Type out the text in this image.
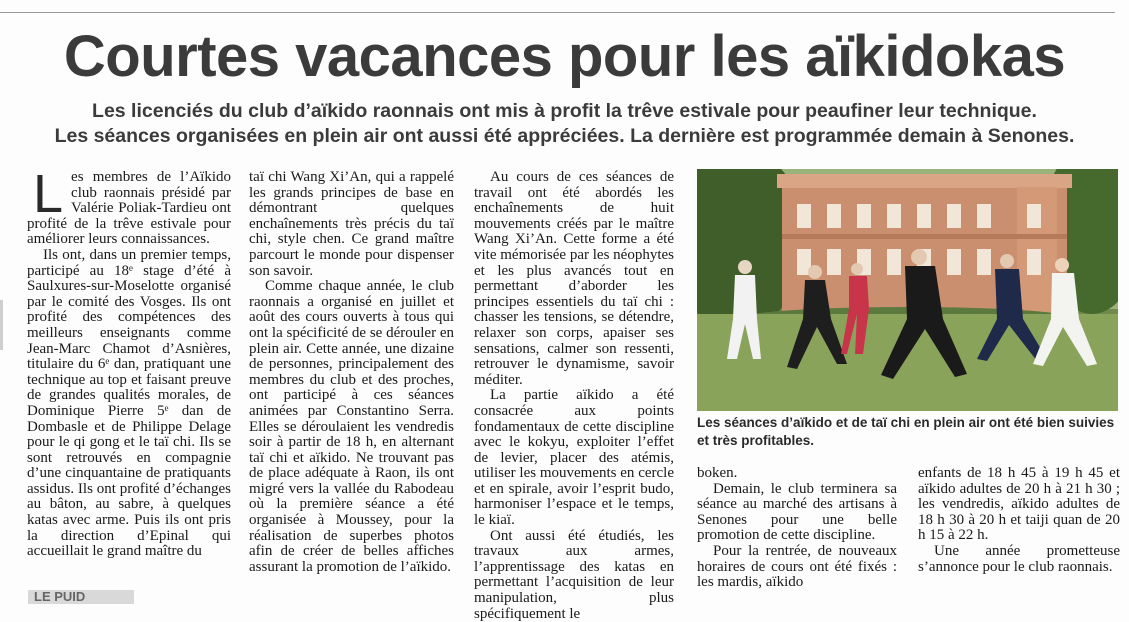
Courtes vacances pour les aïkidokas
Les licenciés du club d’aïkido raonnais ont mis à profit la trêve estivale pour peaufiner leur technique.
Les séances organisées en plein air ont aussi été appréciées. La dernière est programmée demain à Senones.

Les membres de l’Aïkido club raonnais présidé par Valérie Poliak-Tardieu ont profité de la trêve estivale pour améliorer leurs connaissances.

Ils ont, dans un premier temps, participé au 18ᵉ stage d’été à Saulxures-sur-Moselotte organisé par le comité des Vosges. Ils ont profité des compétences des meilleurs enseignants comme Jean-Marc Chamot d’Asnières, titulaire du 6ᵉ dan, pratiquant une technique au top et faisant preuve de grandes qualités morales, de Dominique Pierre 5ᵉ dan de Dombasle et de Philippe Delage pour le qi gong et le taï chi. Ils se sont retrouvés en compagnie d’une cinquantaine de pratiquants assidus. Ils ont profité d’échanges au bâton, au sabre, à quelques katas avec arme. Puis ils ont pris la direction d’Epinal qui accueillait le grand maître du

taï chi Wang Xi’An, qui a rappelé les grands principes de base en démontrant quelques enchaînements très précis du taï chi, style chen. Ce grand maître parcourt le monde pour dispenser son savoir.

Comme chaque année, le club raonnais a organisé en juillet et août des cours ouverts à tous qui ont la spécificité de se dérouler en plein air. Cette année, une dizaine de personnes, principalement des membres du club et des proches, ont participé à ces séances animées par Constantino Serra. Elles se déroulaient les vendredis soir à partir de 18 h, en alternant taï chi et aïkido. Ne trouvant pas de place adéquate à Raon, ils ont migré vers la vallée du Rabodeau où la première séance a été organisée à Moussey, pour la réalisation de superbes photos afin de créer de belles affiches assurant la promotion de l’aïkido.

Au cours de ces séances de travail ont été abordés les enchaînements de huit mouvements créés par le maître Wang Xi’An. Cette forme a été vite mémorisée par les néophytes et les plus avancés tout en permettant d’aborder les principes essentiels du taï chi : chasser les tensions, se détendre, relaxer son corps, apaiser ses sensations, calmer son ressenti, retrouver le dynamisme, savoir méditer.

La partie aïkido a été consacrée aux points fondamentaux de cette discipline avec le kokyu, exploiter l’effet de levier, placer des atémis, utiliser les mouvements en cercle et en spirale, avoir l’esprit budo, harmoniser l’espace et le temps, le kiaï.

Ont aussi été étudiés, les travaux aux armes, l’apprentissage des katas en permettant l’acquisition de leur manipulation, plus spécifiquement le

Les séances d’aïkido et de taï chi en plein air ont été bien suivies et très profitables.

boken.

Demain, le club terminera sa séance au marché des artisans à Senones pour une belle promotion de cette discipline.

Pour la rentrée, de nouveaux horaires de cours ont été fixés : les mardis, aïkido

enfants de 18 h 45 à 19 h 45 et aïkido adultes de 20 h à 21 h 30 ; les vendredis, aïkido adultes de 18 h 30 à 20 h et taiji quan de 20 h 15 à 22 h.

Une année prometteuse s’annonce pour le club raonnais.

LE PUID
